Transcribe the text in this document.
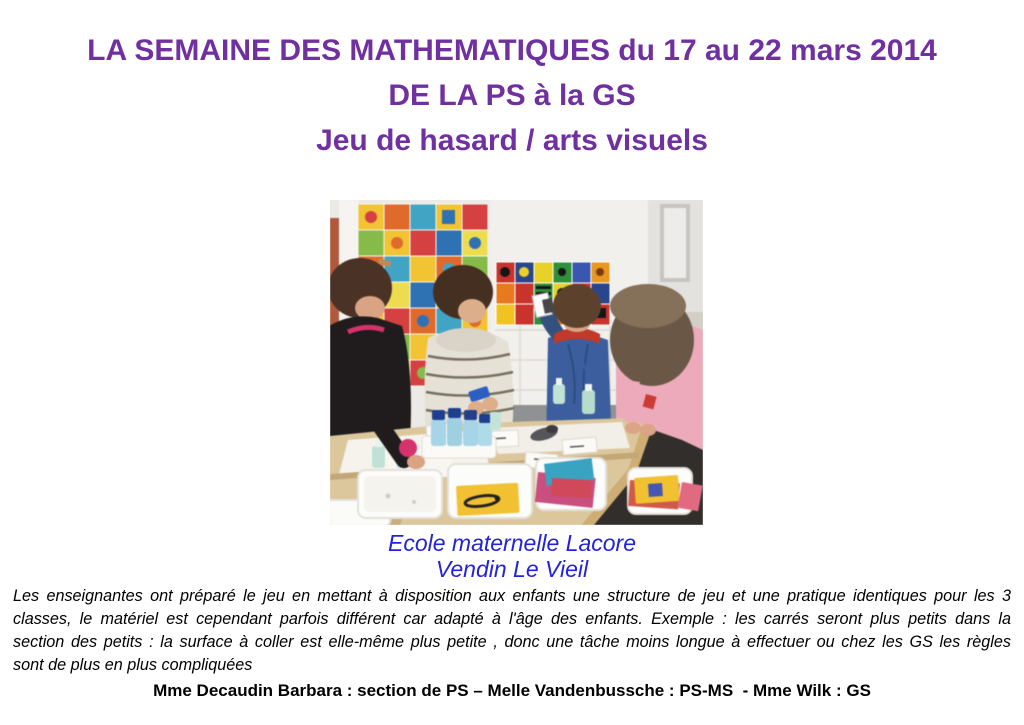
LA SEMAINE DES MATHEMATIQUES du 17 au 22 mars 2014
DE LA PS à la GS
Jeu de hasard / arts visuels
Ecole maternelle Lacore
Vendin Le Vieil
Les enseignantes ont préparé le jeu en mettant à disposition aux enfants une structure de jeu et une pratique identiques pour les 3
classes, le matériel est cependant parfois différent car adapté à l'âge des enfants. Exemple : les carrés seront plus petits dans la
section des petits : la surface à coller est elle-même plus petite , donc une tâche moins longue à effectuer ou chez les GS les règles
sont de plus en plus compliquées
Mme Decaudin Barbara : section de PS – Melle Vandenbussche : PS-MS  - Mme Wilk : GS
